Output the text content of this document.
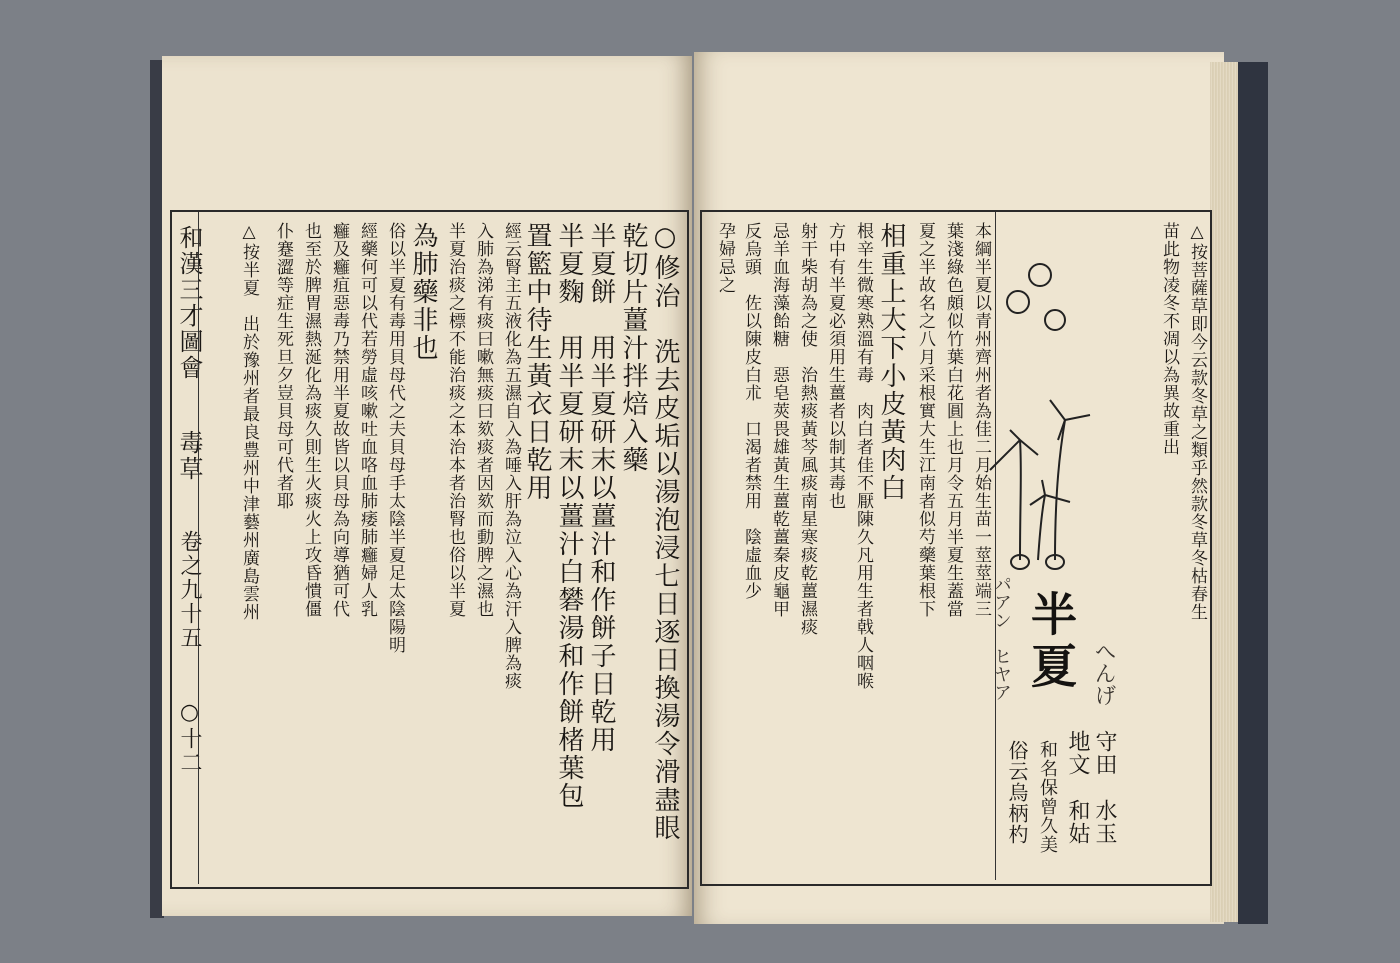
和漢三才圖會
毒草
卷之九十五
○十二	○修治　洗去皮垢以湯泡浸七日逐日換湯令滑盡眼
乾切片薑汁拌焙入藥
半夏餅　用半夏研末以薑汁和作餅子日乾用
半夏麴　用半夏研末以薑汁白礬湯和作餅楮葉包
置籃中待生黃衣日乾用
經云腎主五液化為五濕自入為唾入肝為泣入心為汗入脾為痰
入肺為涕有痰曰嗽無痰曰欬痰者因欬而動脾之濕也
半夏治痰之標不能治痰之本治本者治腎也俗以半夏
為肺藥非也
俗以半夏有毒用貝母代之夫貝母手太陰半夏足太陰陽明
經藥何可以代若勞虛咳嗽吐血咯血肺痿肺癰婦人乳
癰及癰疽惡毒乃禁用半夏故皆以貝母為向導猶可代
也至於脾胃濕熱涎化為痰久則生火痰火上攻昏憒僵
仆蹇澀等症生死旦夕豈貝母可代者耶
△按半夏　出於豫州者最良豊州中津藝州廣島雲州	△按菩薩草即今云款冬草之類乎然款冬草冬枯春生
苗此物凌冬不凋以為異故重出
半夏
パアン　ヒヤア	へんげ
守田　水玉
地文　和姑
和名保曾久美
俗云烏柄杓
本綱半夏以青州齊州者為佳二月始生苗一莖莖端三
葉淺綠色頗似竹葉白花圓上也月令五月半夏生蓋當
夏之半故名之八月采根實大生江南者似芍藥葉根下
相重上大下小皮黃肉白
根辛生微寒熟溫有毒　肉白者佳不厭陳久凡用生者戟人咽喉
方中有半夏必須用生薑者以制其毒也
射干柴胡為之使　治熱痰黃芩風痰南星寒痰乾薑濕痰
忌羊血海藻飴糖　惡皂莢畏雄黃生薑乾薑秦皮龜甲
反烏頭　佐以陳皮白朮　口渴者禁用　陰虛血少
孕婦忌之
